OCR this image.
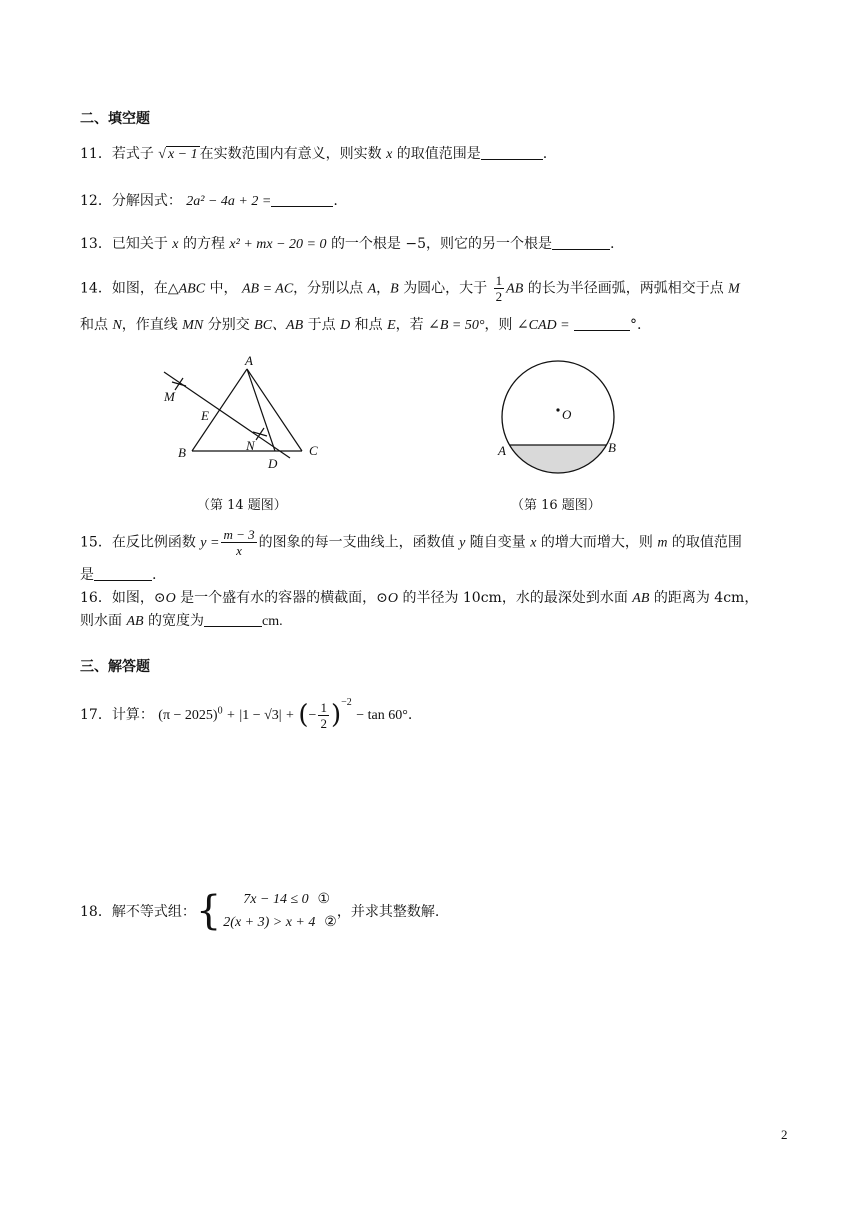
二、填空题
11．若式子 √ x − 1 在实数范围内有意义，则实数 x 的取值范围是	.
12．分解因式： 2a² − 4a + 2 =	.
13．已知关于 x 的方程 x² + mx − 20 = 0 的一个根是 −5，则它的另一个根是	.
14．如图，在△ABC 中， AB = AC，分别以点 A，B 为圆心，大于 $\frac{1}{2}$ AB 的长为半径画弧，两弧相交于点 M
和点 N，作直线 MN 分别交 BC、AB 于点 D 和点 E，若 ∠B = 50°，则 ∠CAD =	°.
A
B	C
D
E
M
N
（第 14 题图）
O
A	B
（第 16 题图）
15．在反比例函数 $y = \frac{m - 3}{x}$ 的图象的每一支曲线上，函数值 y 随自变量 x 的增大而增大，则 m 的取值范围
是	.
16．如图，⊙O 是一个盛有水的容器的横截面，⊙O 的半径为 10cm，水的最深处到水面 AB 的距离为 4cm，
则水面 AB 的宽度为	cm.
三、解答题
17．计算： $(\pi - 2025)^0 + |1 - √3|$ + (− $\frac{1}{2} )^{-2} - \tan 60^\circ$.
18． 解不等式组： {	7x − 14 ≤ 0 ①
2(x + 3) > x + 4 ②
，并求其整数解.
2
